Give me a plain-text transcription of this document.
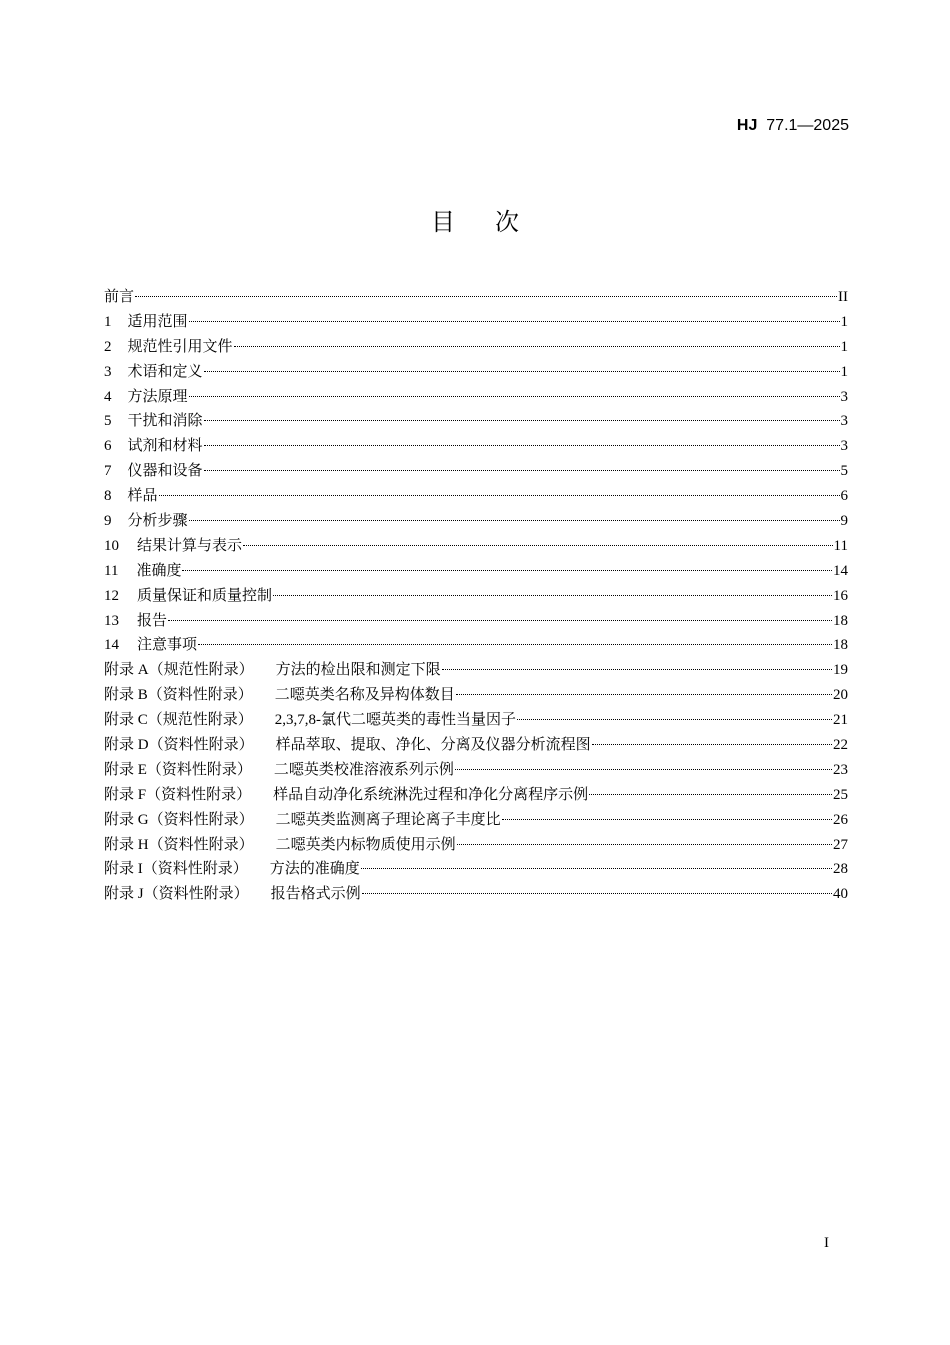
HJ 77.1—2025
目次
前言	II
1 适用范围	1
2 规范性引用文件	1
3 术语和定义	1
4 方法原理	3
5 干扰和消除	3
6 试剂和材料	3
7 仪器和设备	5
8 样品	6
9 分析步骤	9
10 结果计算与表示	11
11 准确度	14
12 质量保证和质量控制	16
13 报告	18
14 注意事项	18
附录 A（规范性附录） 方法的检出限和测定下限	19
附录 B（资料性附录） 二噁英类名称及异构体数目	20
附录 C（规范性附录） 2,3,7,8-氯代二噁英类的毒性当量因子	21
附录 D（资料性附录） 样品萃取、提取、净化、分离及仪器分析流程图	22
附录 E（资料性附录） 二噁英类校准溶液系列示例	23
附录 F（资料性附录） 样品自动净化系统淋洗过程和净化分离程序示例	25
附录 G（资料性附录） 二噁英类监测离子理论离子丰度比	26
附录 H（资料性附录） 二噁英类内标物质使用示例	27
附录 I（资料性附录） 方法的准确度	28
附录 J（资料性附录） 报告格式示例	40
I
